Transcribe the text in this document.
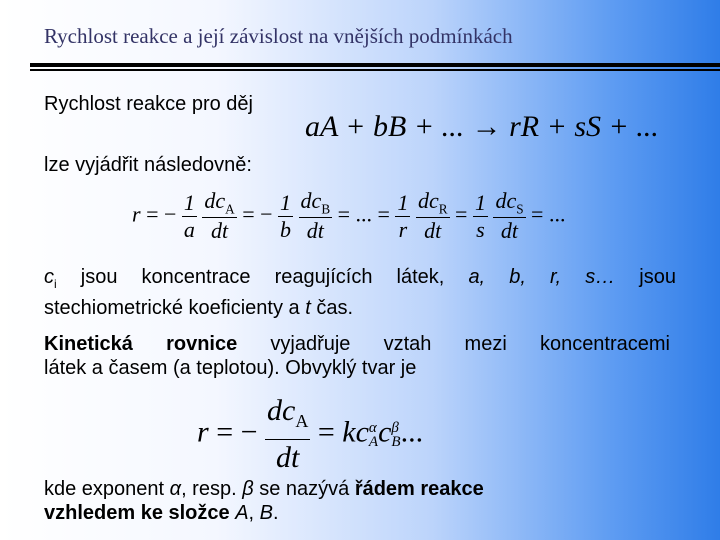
Rychlost reakce a její závislost na vnějších podmínkách
Rychlost reakce pro děj
aA + bB + ... → rR + sS + ...
lze vyjádřit následovně:
r = − $\frac{1}{a}$
$\frac{dc_A}{dt}$ = − $\frac{1}{b}$
$\frac{dc_B}{dt}$ = ... = $\frac{1}{r}$
$\frac{dc_R}{dt} = \frac{1}{s}$
$\frac{dc_S}{dt}$ = ...
$c_i$ jsou koncentrace reagujících látek, a, b, r, s… jsou
stechiometrické koeficienty a t čas.
Kinetická rovnice vyjadřuje vztah mezi koncentracemi
látek a časem (a teplotou). Obvyklý tvar je
r = − $\frac{dc_A}{dt}$ = kc α
A c β
B ...
kde exponent α, resp. β se nazývá řádem reakce
vzhledem ke složce A, B.
